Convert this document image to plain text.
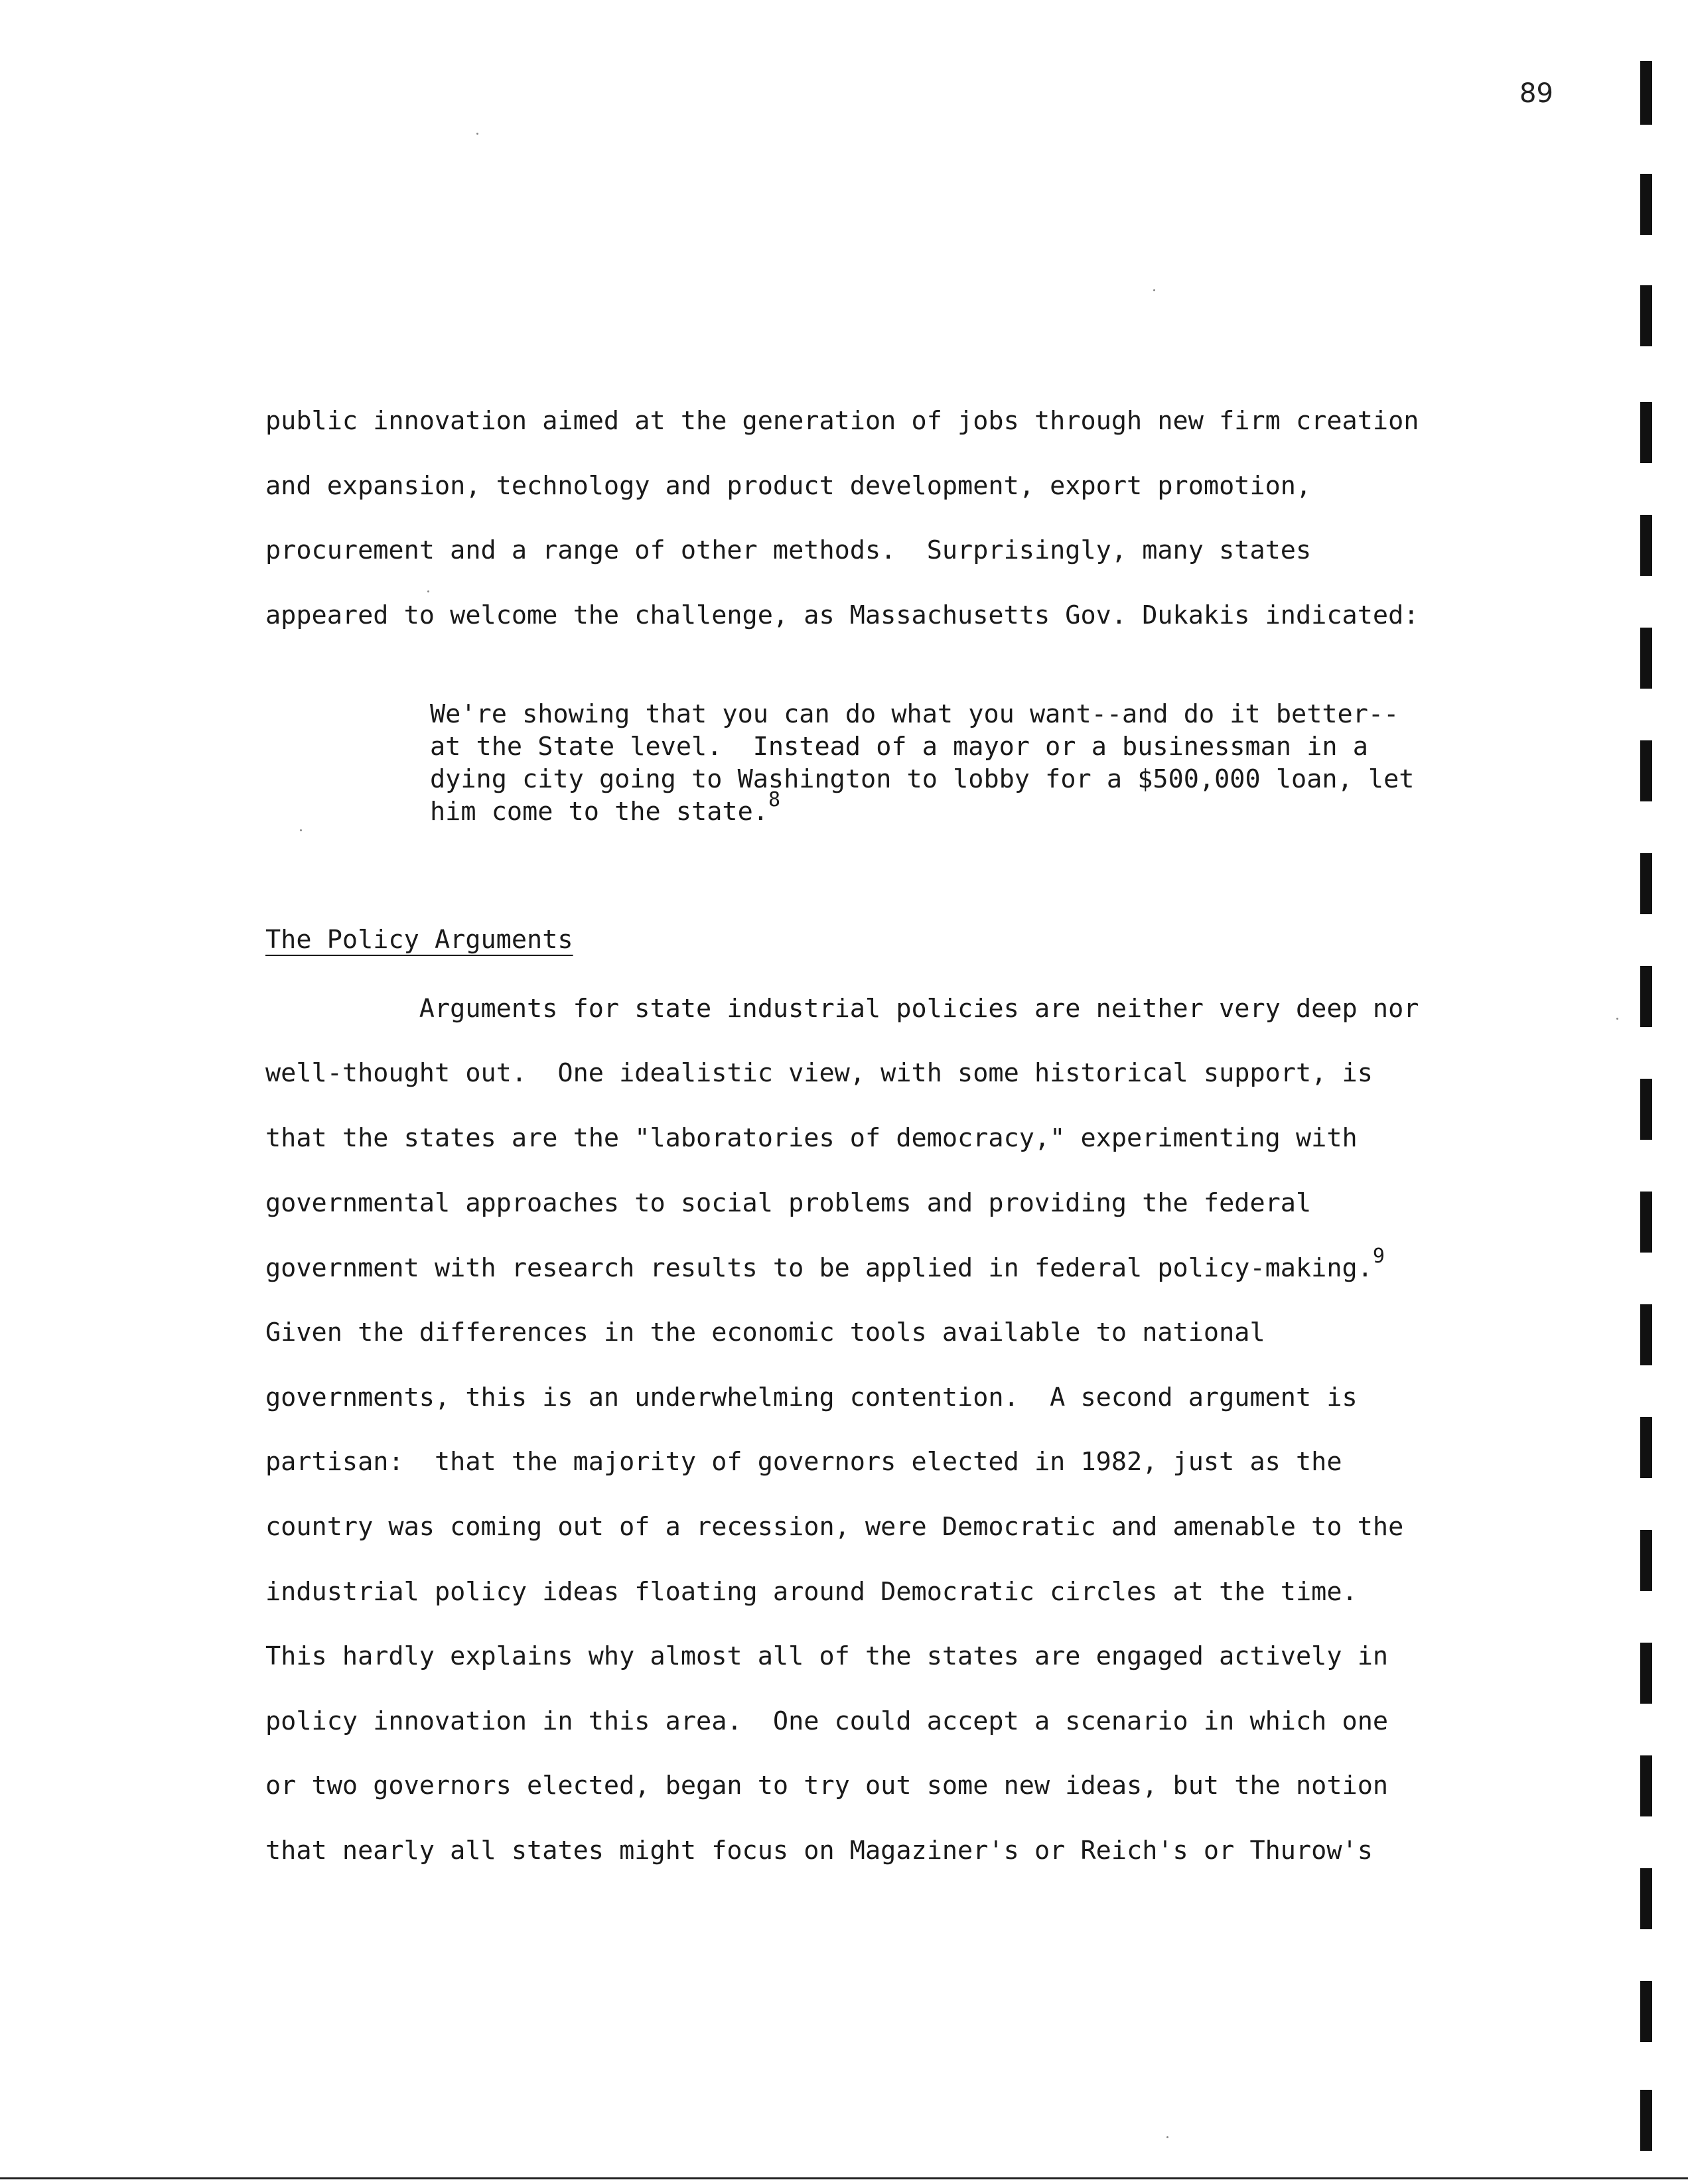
89
public innovation aimed at the generation of jobs through new firm creation
and expansion, technology and product development, export promotion,
procurement and a range of other methods.  Surprisingly, many states
appeared to welcome the challenge, as Massachusetts Gov. Dukakis indicated:
We're showing that you can do what you want--and do it better--
at the State level.  Instead of a mayor or a businessman in a
dying city going to Washington to lobby for a $500,000 loan, let
him come to the state.$^8$
The Policy Arguments
Arguments for state industrial policies are neither very deep nor
well-thought out.  One idealistic view, with some historical support, is
that the states are the "laboratories of democracy," experimenting with
governmental approaches to social problems and providing the federal
government with research results to be applied in federal policy-making.$^9$
Given the differences in the economic tools available to national
governments, this is an underwhelming contention.  A second argument is
partisan:  that the majority of governors elected in 1982, just as the
country was coming out of a recession, were Democratic and amenable to the
industrial policy ideas floating around Democratic circles at the time.
This hardly explains why almost all of the states are engaged actively in
policy innovation in this area.  One could accept a scenario in which one
or two governors elected, began to try out some new ideas, but the notion
that nearly all states might focus on Magaziner's or Reich's or Thurow's
